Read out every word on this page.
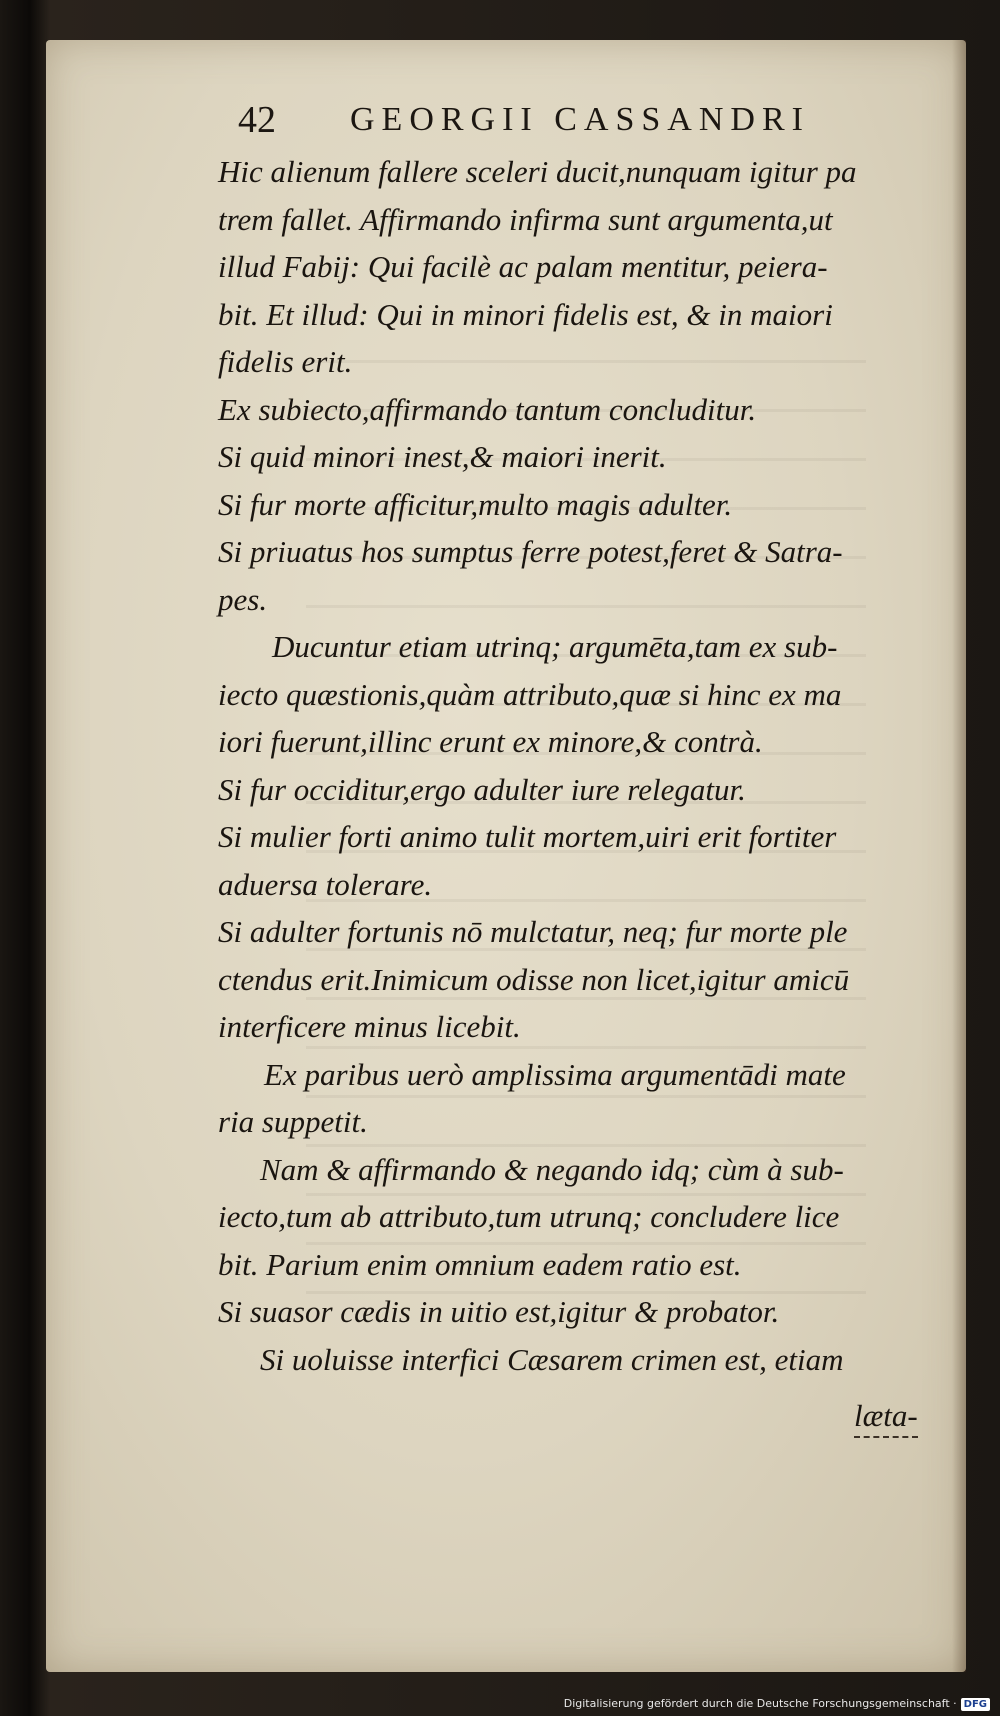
42 GEORGII CASSANDRI
Hic alienum fallere sceleri ducit,nunquam igitur pa
trem fallet. Affirmando infirma sunt argumenta,ut
illud Fabij: Qui facilè ac palam mentitur, peiera-
bit. Et illud: Qui in minori fidelis est, & in maiori
fidelis erit.
Ex subiecto,affirmando tantum concluditur.
Si quid minori inest,& maiori inerit.
Si fur morte afficitur,multo magis adulter.
Si priuatus hos sumptus ferre potest,feret & Satra-
pes.
Ducuntur etiam utrinq; argumēta,tam ex sub-
iecto quæstionis,quàm attributo,quæ si hinc ex ma
iori fuerunt,illinc erunt ex minore,& contrà.
Si fur occiditur,ergo adulter iure relegatur.
Si mulier forti animo tulit mortem,uiri erit fortiter
aduersa tolerare.
Si adulter fortunis nō mulctatur, neq; fur morte ple
ctendus erit.Inimicum odisse non licet,igitur amicū
interficere minus licebit.
Ex paribus uerò amplissima argumentādi mate
ria suppetit.
Nam & affirmando & negando idq; cùm à sub-
iecto,tum ab attributo,tum utrunq; concludere lice
bit. Parium enim omnium eadem ratio est.
Si suasor cædis in uitio est,igitur & probator.
Si uoluisse interfici Cæsarem crimen est, etiam
læta-
Digitalisierung gefördert durch die Deutsche Forschungsgemeinschaft · DFG
